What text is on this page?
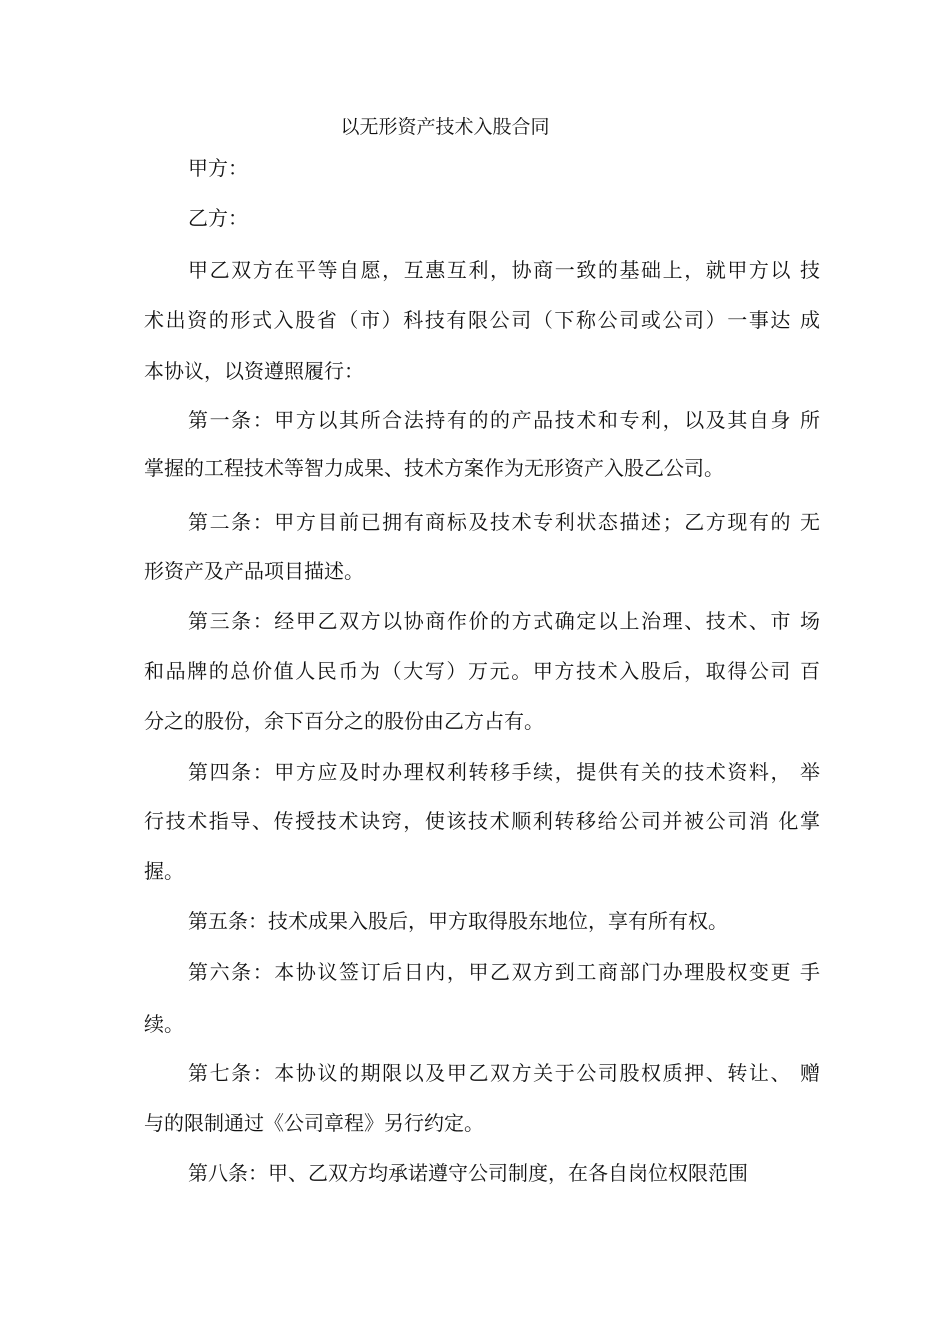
以无形资产技术入股合同
甲方：
乙方：
甲乙双方在平等自愿，互惠互利，协商一致的基础上，就甲方以 技
术出资的形式入股省（市）科技有限公司（下称公司或公司）一事达 成
本协议，以资遵照履行：
第一条：甲方以其所合法持有的的产品技术和专利，以及其自身 所
掌握的工程技术等智力成果、技术方案作为无形资产入股乙公司。
第二条：甲方目前已拥有商标及技术专利状态描述；乙方现有的 无
形资产及产品项目描述。
第三条：经甲乙双方以协商作价的方式确定以上治理、技术、市 场
和品牌的总价值人民币为（大写）万元。甲方技术入股后，取得公司 百
分之的股份，余下百分之的股份由乙方占有。
第四条：甲方应及时办理权利转移手续，提供有关的技术资料， 举
行技术指导、传授技术诀窍，使该技术顺利转移给公司并被公司消 化掌
握。
第五条：技术成果入股后，甲方取得股东地位，享有所有权。
第六条：本协议签订后日内，甲乙双方到工商部门办理股权变更 手
续。
第七条：本协议的期限以及甲乙双方关于公司股权质押、转让、 赠
与的限制通过《公司章程》另行约定。
第八条：甲、乙双方均承诺遵守公司制度，在各自岗位权限范围
